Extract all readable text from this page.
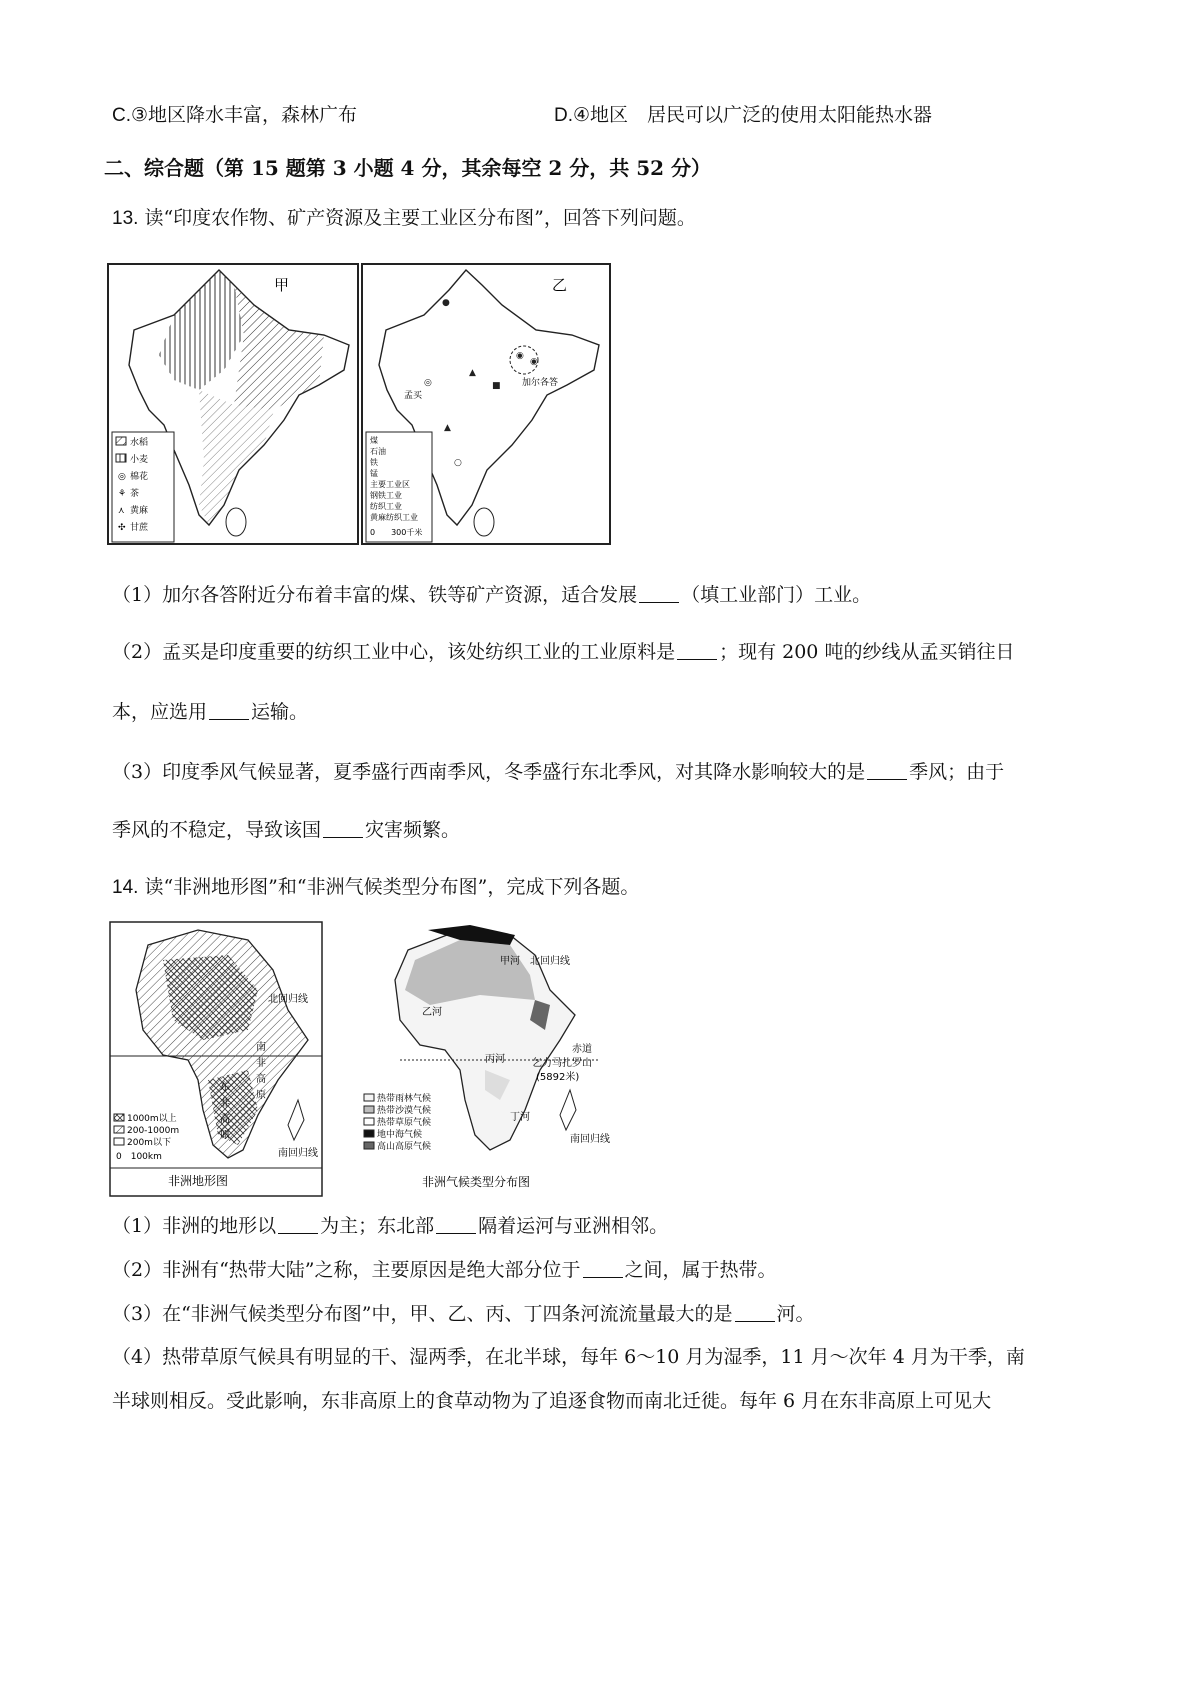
C.③地区降水丰富，森林广布	D.④地区　居民可以广泛的使用太阳能热水器
二、综合题（第 15 题第 3 小题 4 分，其余每空 2 分，共 52 分）
13. 读“印度农作物、矿产资源及主要工业区分布图”，回答下列问题。
甲
水稻
小麦
◎ 棉花
⚘ 茶
⋏ 黄麻
✣ 甘蔗
乙
加尔各答
孟买
●
▲
■
◉
◉
▲
○
◎
煤
石油
铁
锰
主要工业区
钢铁工业
纺织工业
黄麻纺织工业
0　　300千米
（1）加尔各答附近分布着丰富的煤、铁等矿产资源，适合发展 （填工业部门）工业。
（2）孟买是印度重要的纺织工业中心，该处纺织工业的工业原料是 ；现有 200 吨的纱线从孟买销往日
本，应选用 运输。
（3）印度季风气候显著，夏季盛行西南季风，冬季盛行东北季风，对其降水影响较大的是 季风；由于
季风的不稳定，导致该国 灾害频繁。
14. 读“非洲地形图”和“非洲气候类型分布图”，完成下列各题。
北回归线
南回归线
南
非
高
原
东
非
高
原
1000m以上
200-1000m
200m以下
0　100km
非洲地形图
甲河 北回归线
乙河
丙河
赤道
乞力马扎罗山
(5892米)
丁河
南回归线
热带雨林气候
热带沙漠气候
热带草原气候
地中海气候
高山高原气候
非洲气候类型分布图
（1）非洲的地形以 为主；东北部 隔着运河与亚洲相邻。
（2）非洲有“热带大陆”之称，主要原因是绝大部分位于 之间，属于热带。
（3）在“非洲气候类型分布图”中，甲、乙、丙、丁四条河流流量最大的是 河。
（4）热带草原气候具有明显的干、湿两季，在北半球，每年 6～10 月为湿季，11 月～次年 4 月为干季，南
半球则相反。受此影响，东非高原上的食草动物为了追逐食物而南北迁徙。每年 6 月在东非高原上可见大
